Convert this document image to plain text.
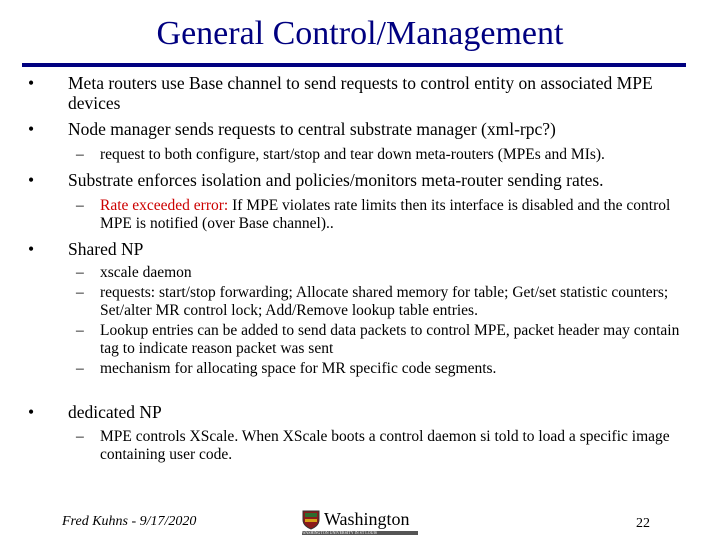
General Control/Management
• Meta routers use Base channel to send requests to control entity on associated MPE devices
• Node manager sends requests to central substrate manager (xml-rpc?)
– request to both configure, start/stop and tear down meta-routers (MPEs and MIs).
• Substrate enforces isolation and policies/monitors meta-router sending rates.
– Rate exceeded error: If MPE violates rate limits then its interface is disabled and the control MPE is notified (over Base channel)..
• Shared NP
– xscale daemon
– requests: start/stop forwarding; Allocate shared memory for table; Get/set statistic counters; Set/alter MR control lock; Add/Remove lookup table entries.
– Lookup entries can be added to send data packets to control MPE, packet header may contain tag to indicate reason packet was sent
– mechanism for allocating space for MR specific code segments.
• dedicated NP
– MPE controls XScale. When XScale boots a control daemon si told to load a specific image containing user code.
Fred Kuhns - 9/17/2020	Washington
WASHINGTON UNIVERSITY IN ST LOUIS
22
